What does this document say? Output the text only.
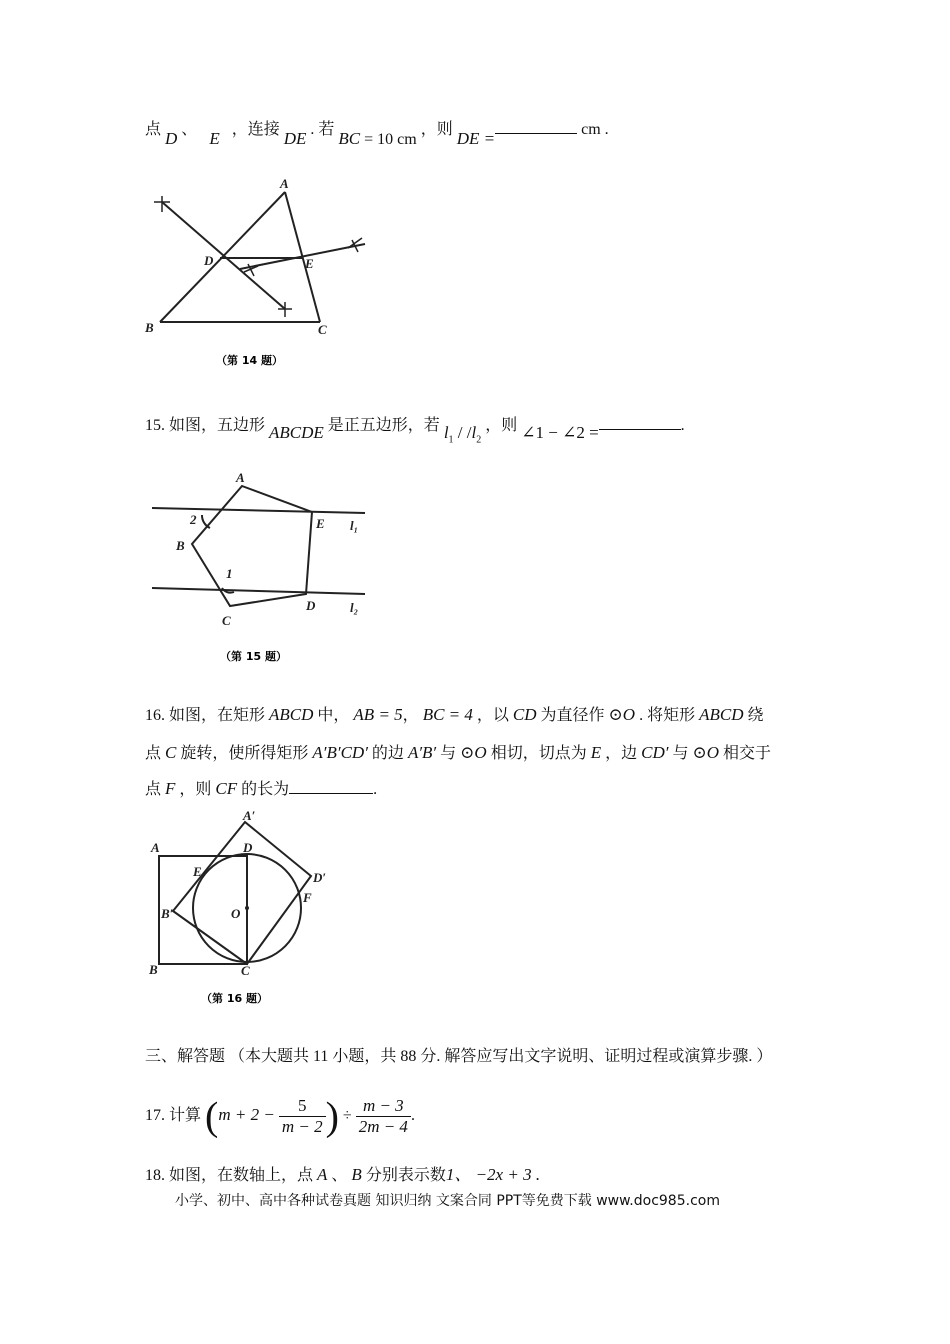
点 D 、 E ，连接 DE . 若 BC = 10 cm ，则 DE =	cm .
A
D	E
B	C
（第 14 题）
15. 如图，五边形 ABCDE 是正五边形，若 $l_1 / /l_2$ ，则 ∠1 − ∠2 =	.
A
2	E
B
1
C
D
l₁
l₂
（第 15 题）
16. 如图，在矩形 ABCD 中， AB = 5， BC = 4 ，以 CD 为直径作 ⊙O . 将矩形 ABCD 绕
点 C 旋转，使所得矩形 A′B′CD′ 的边 A′B′ 与 ⊙O 相切，切点为 E ，边 CD′ 与 ⊙O 相交于
点 F ，则 CF 的长为	.
A′
A	D
E	D′
B′	O
F
B	C
（第 16 题）
三、解答题 （本大题共 11 小题，共 88 分. 解答应写出文字说明、证明过程或演算步骤. ）
17. 计算 ($m + 2 - \frac{5}{m - 2}$ ) ÷ $\frac{m - 3}{2m - 4}$ .
18. 如图，在数轴上，点 A 、 B 分别表示数1、 −2x + 3 .
小学、初中、高中各种试卷真题 知识归纳 文案合同 PPT等免费下载 www.doc985.com
